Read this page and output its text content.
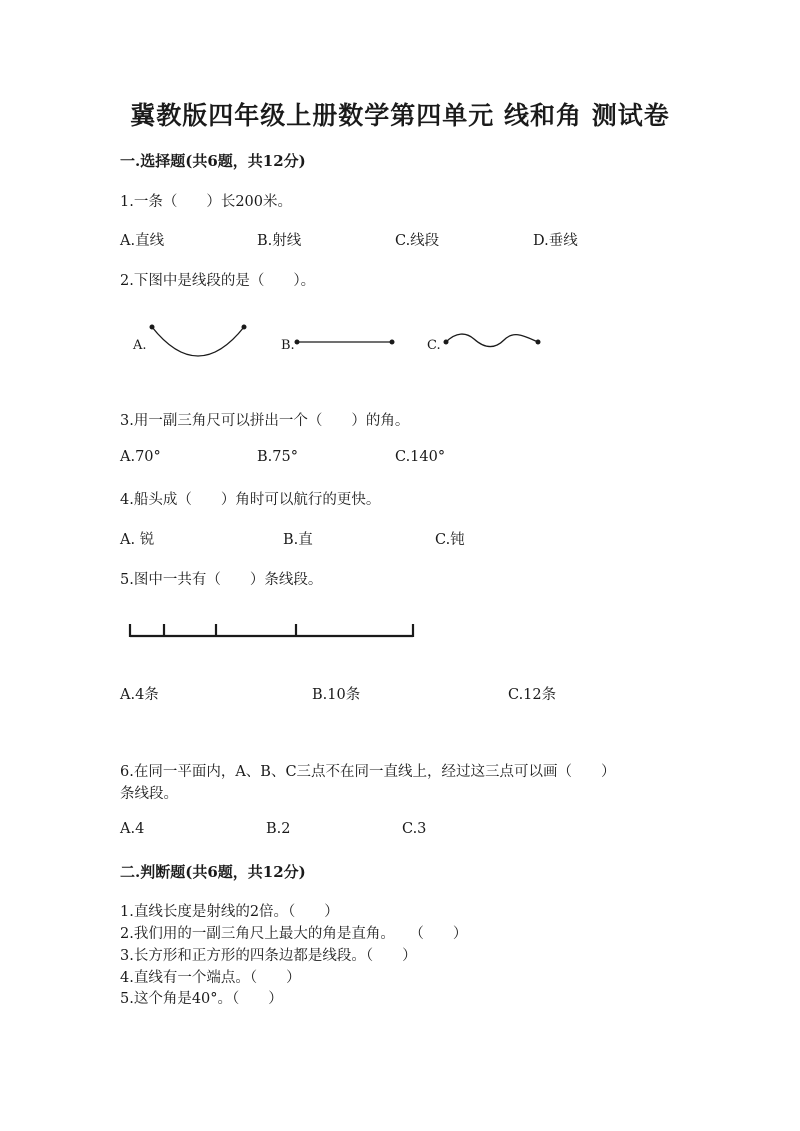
冀教版四年级上册数学第四单元 线和角 测试卷
一.选择题(共6题，共12分)
1.一条（　　）长200米。
A.直线	B.射线	C.线段	D.垂线
2.下图中是线段的是（　　）。
A.	B.	C.
3.用一副三角尺可以拼出一个（　　）的角。
A.70°	B.75°	C.140°
4.船头成（　　）角时可以航行的更快。
A. 锐	B.直	C.钝
5.图中一共有（　　）条线段。
A.4条	B.10条	C.12条
6.在同一平面内，A、B、C三点不在同一直线上，经过这三点可以画（　　）
条线段。
A.4	B.2	C.3
二.判断题(共6题，共12分)
1.直线长度是射线的2倍。（　　）
2.我们用的一副三角尺上最大的角是直角。　　（　　）
3.长方形和正方形的四条边都是线段。（　　）
4.直线有一个端点。（　　）
5.这个角是40°。（　　）
